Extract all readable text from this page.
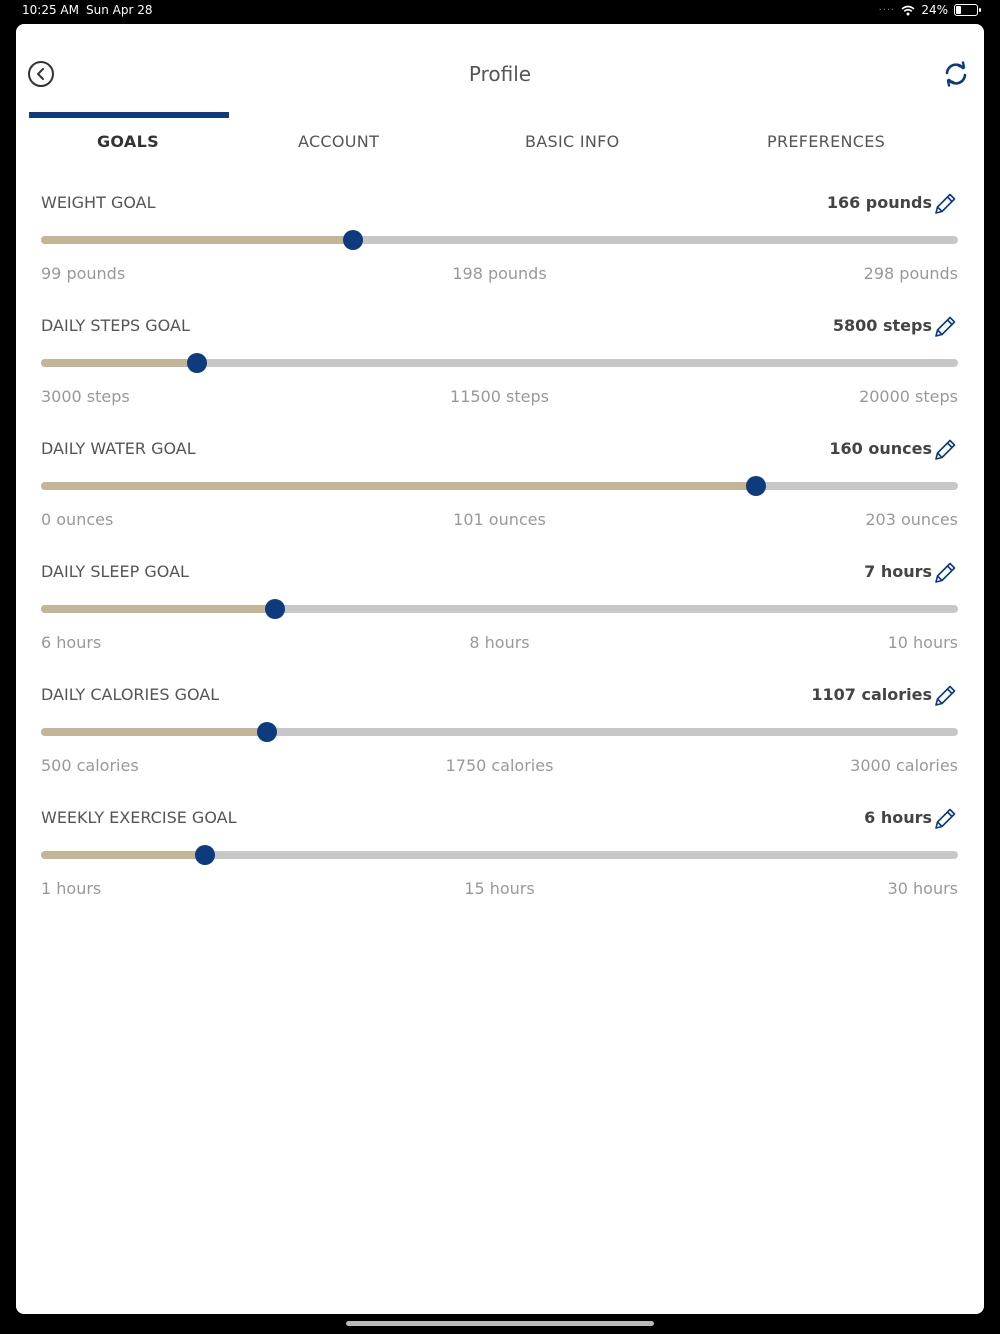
10:25 AM Sun Apr 28	···· 24%
Profile
GOALS	ACCOUNT	BASIC INFO	PREFERENCES
WEIGHT GOAL	166 pounds
99 pounds	198 pounds	298 pounds
DAILY STEPS GOAL	5800 steps
3000 steps	11500 steps	20000 steps
DAILY WATER GOAL	160 ounces
0 ounces	101 ounces	203 ounces
DAILY SLEEP GOAL	7 hours
6 hours	8 hours	10 hours
DAILY CALORIES GOAL	1107 calories
500 calories	1750 calories	3000 calories
WEEKLY EXERCISE GOAL	6 hours
1 hours	15 hours	30 hours
